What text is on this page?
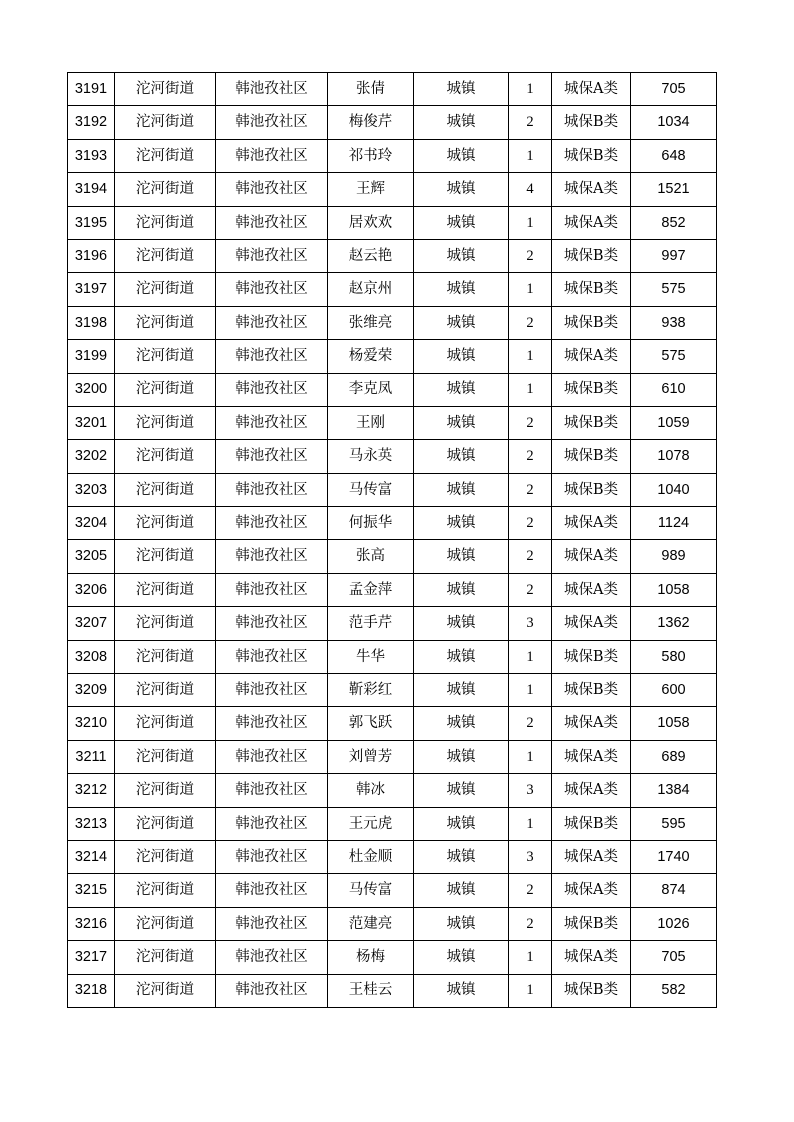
3191	沱河街道	韩池孜社区	张倩	城镇	1	城保A类	705
3192	沱河街道	韩池孜社区	梅俊芹	城镇	2	城保B类	1034
3193	沱河街道	韩池孜社区	祁书玲	城镇	1	城保B类	648
3194	沱河街道	韩池孜社区	王辉	城镇	4	城保A类	1521
3195	沱河街道	韩池孜社区	居欢欢	城镇	1	城保A类	852
3196	沱河街道	韩池孜社区	赵云艳	城镇	2	城保B类	997
3197	沱河街道	韩池孜社区	赵京州	城镇	1	城保B类	575
3198	沱河街道	韩池孜社区	张维亮	城镇	2	城保B类	938
3199	沱河街道	韩池孜社区	杨爱荣	城镇	1	城保A类	575
3200	沱河街道	韩池孜社区	李克凤	城镇	1	城保B类	610
3201	沱河街道	韩池孜社区	王刚	城镇	2	城保B类	1059
3202	沱河街道	韩池孜社区	马永英	城镇	2	城保B类	1078
3203	沱河街道	韩池孜社区	马传富	城镇	2	城保B类	1040
3204	沱河街道	韩池孜社区	何振华	城镇	2	城保A类	1124
3205	沱河街道	韩池孜社区	张高	城镇	2	城保A类	989
3206	沱河街道	韩池孜社区	孟金萍	城镇	2	城保A类	1058
3207	沱河街道	韩池孜社区	范手芹	城镇	3	城保A类	1362
3208	沱河街道	韩池孜社区	牛华	城镇	1	城保B类	580
3209	沱河街道	韩池孜社区	靳彩红	城镇	1	城保B类	600
3210	沱河街道	韩池孜社区	郭飞跃	城镇	2	城保A类	1058
3211	沱河街道	韩池孜社区	刘曾芳	城镇	1	城保A类	689
3212	沱河街道	韩池孜社区	韩冰	城镇	3	城保A类	1384
3213	沱河街道	韩池孜社区	王元虎	城镇	1	城保B类	595
3214	沱河街道	韩池孜社区	杜金顺	城镇	3	城保A类	1740
3215	沱河街道	韩池孜社区	马传富	城镇	2	城保A类	874
3216	沱河街道	韩池孜社区	范建亮	城镇	2	城保B类	1026
3217	沱河街道	韩池孜社区	杨梅	城镇	1	城保A类	705
3218	沱河街道	韩池孜社区	王桂云	城镇	1	城保B类	582
